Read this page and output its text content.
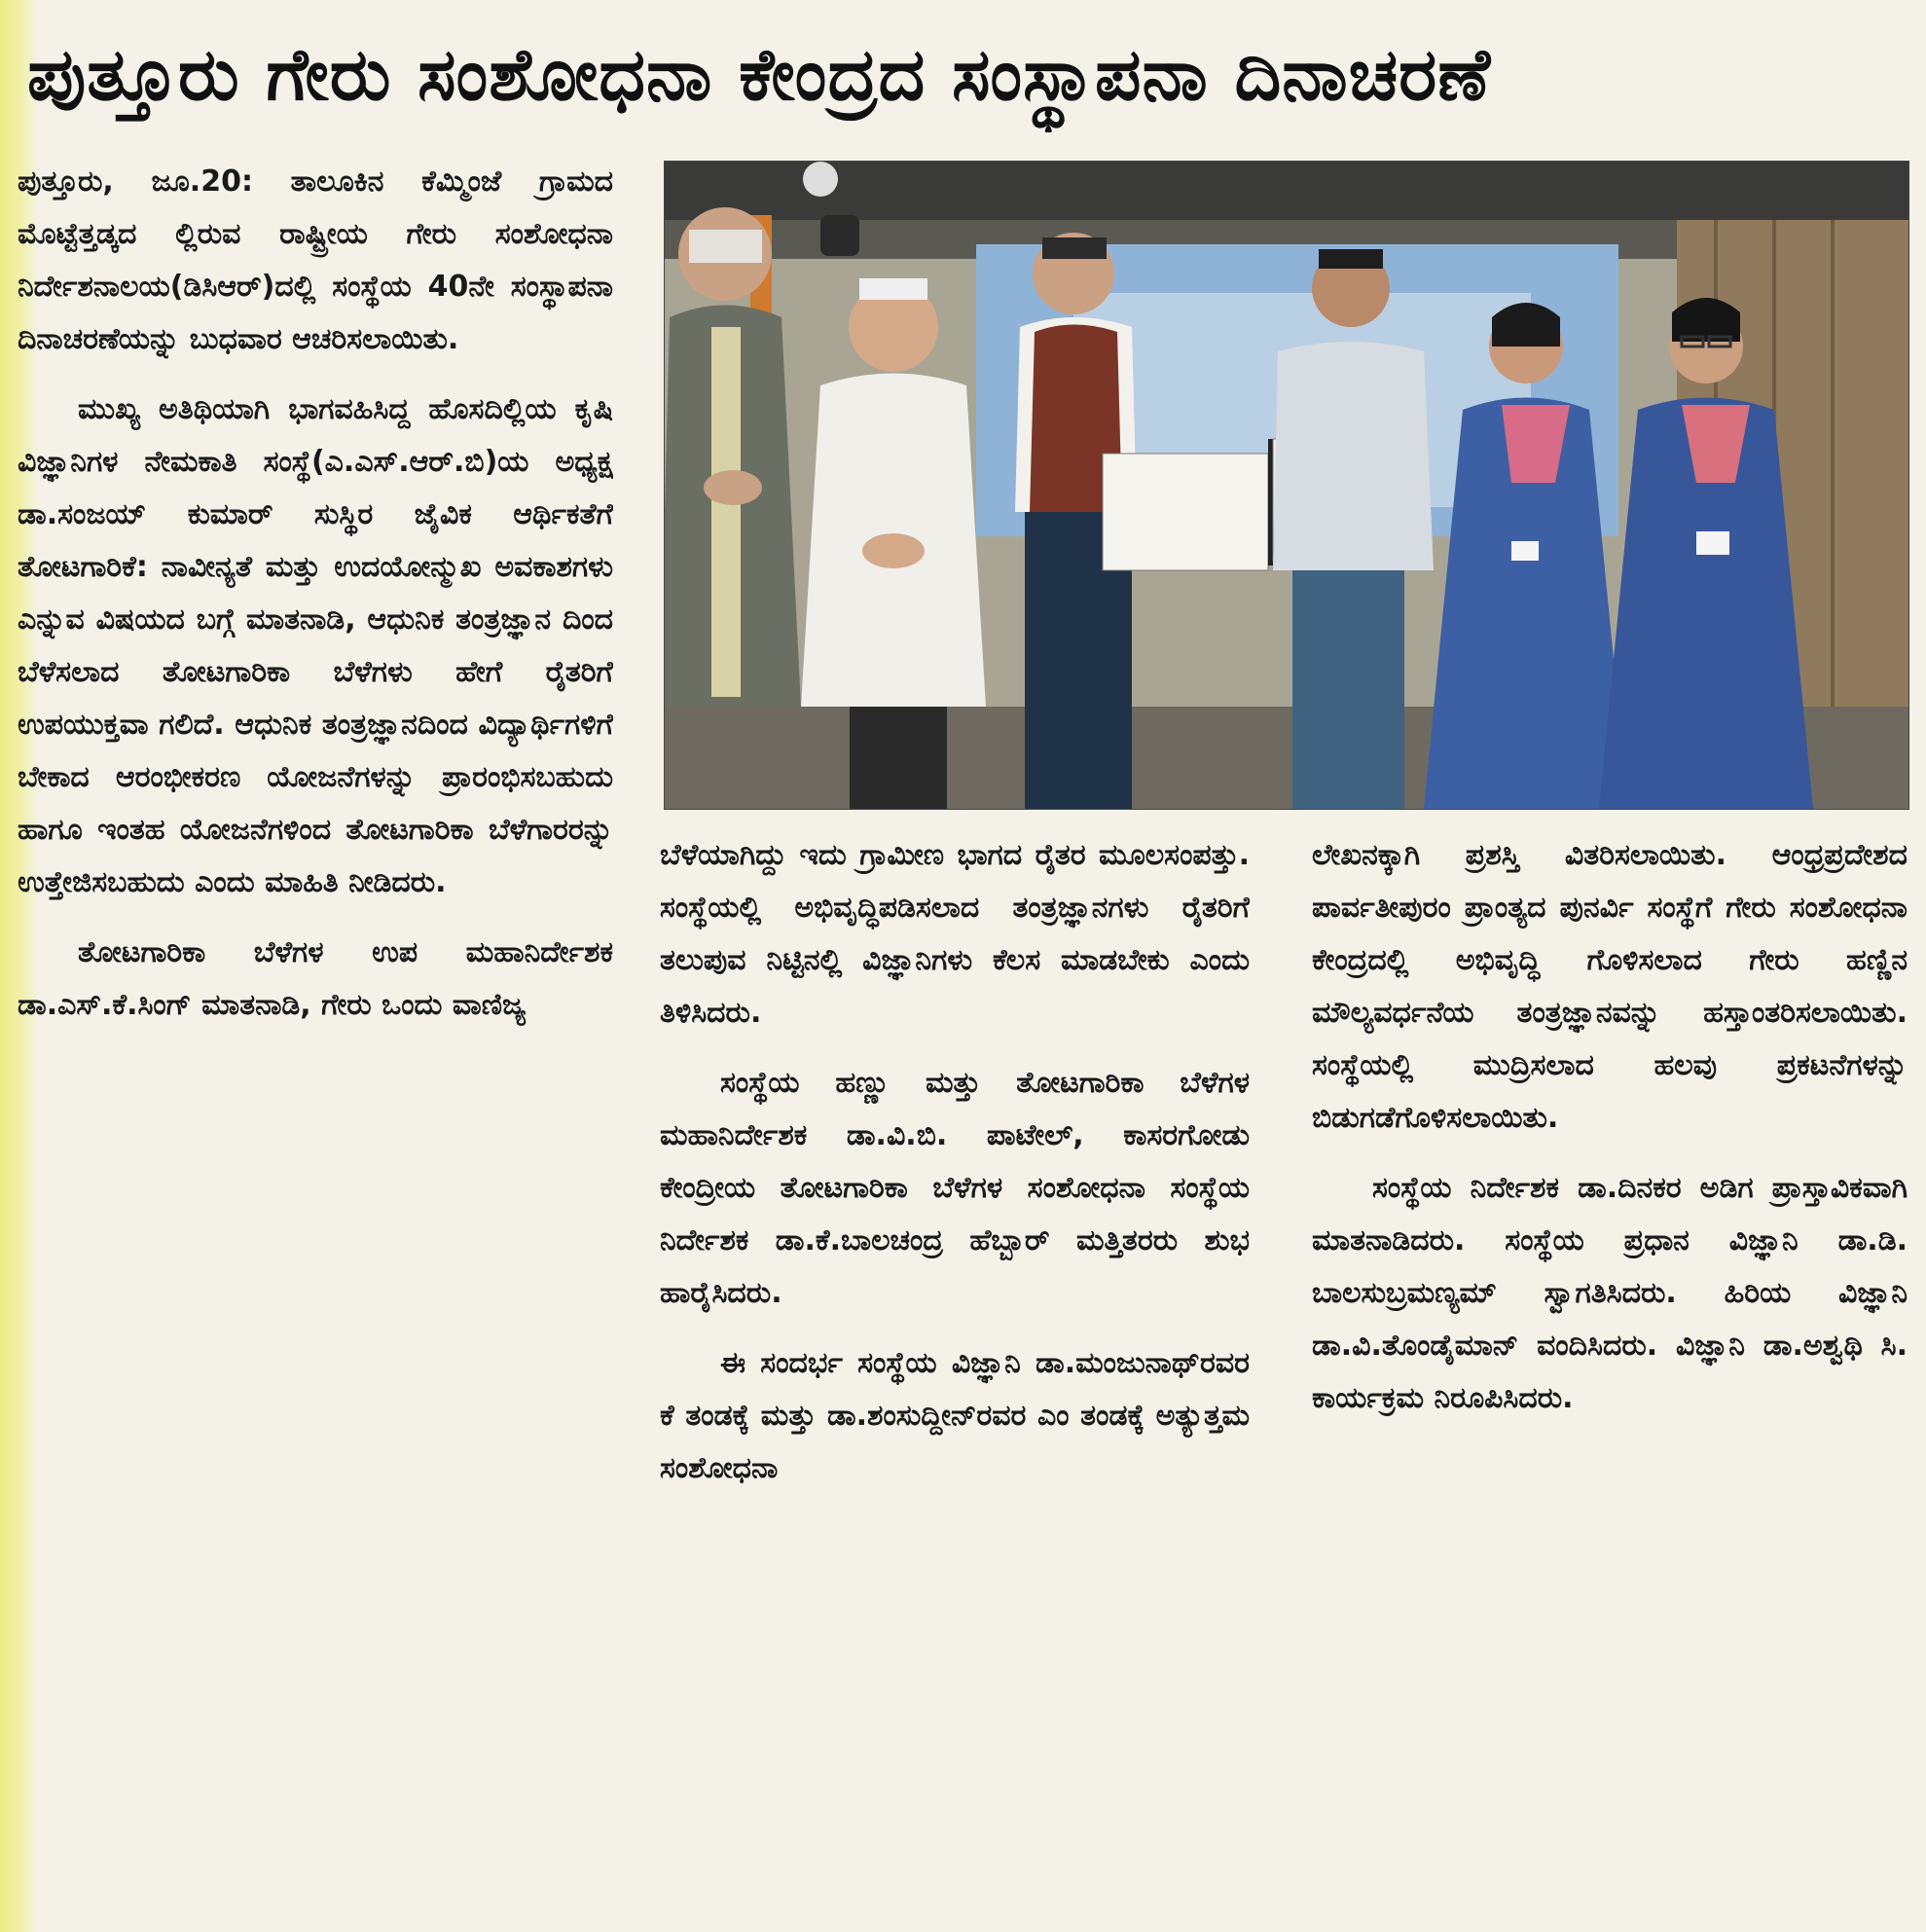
ಪುತ್ತೂರು ಗೇರು ಸಂಶೋಧನಾ ಕೇಂದ್ರದ ಸಂಸ್ಥಾಪನಾ ದಿನಾಚರಣೆ

ಪುತ್ತೂರು, ಜೂ.20: ತಾಲೂಕಿನ ಕೆಮ್ಮಿಂಜೆ ಗ್ರಾಮದ ಮೊಟ್ಟೆತ್ತಡ್ಕದ ಲ್ಲಿರುವ ರಾಷ್ಟ್ರೀಯ ಗೇರು ಸಂಶೋಧನಾ ನಿರ್ದೇಶನಾಲಯ(ಡಿಸಿಆರ್)ದಲ್ಲಿ ಸಂಸ್ಥೆಯ 40ನೇ ಸಂಸ್ಥಾಪನಾ ದಿನಾಚರಣೆಯನ್ನು ಬುಧವಾರ ಆಚರಿಸಲಾಯಿತು.

ಮುಖ್ಯ ಅತಿಥಿಯಾಗಿ ಭಾಗವಹಿಸಿದ್ದ ಹೊಸದಿಲ್ಲಿಯ ಕೃಷಿ ವಿಜ್ಞಾನಿಗಳ ನೇಮಕಾತಿ ಸಂಸ್ಥೆ(ಎ.ಎಸ್.ಆರ್.ಬಿ)ಯ ಅಧ್ಯಕ್ಷ ಡಾ.ಸಂಜಯ್ ಕುಮಾರ್ ಸುಸ್ಥಿರ ಜೈವಿಕ ಆರ್ಥಿಕತೆಗೆ ತೋಟಗಾರಿಕೆ: ನಾವೀನ್ಯತೆ ಮತ್ತು ಉದಯೋನ್ಮುಖ ಅವಕಾಶಗಳು ಎನ್ನುವ ವಿಷಯದ ಬಗ್ಗೆ ಮಾತನಾಡಿ, ಆಧುನಿಕ ತಂತ್ರಜ್ಞಾನ ದಿಂದ ಬೆಳೆಸಲಾದ ತೋಟಗಾರಿಕಾ ಬೆಳೆಗಳು ಹೇಗೆ ರೈತರಿಗೆ ಉಪಯುಕ್ತವಾ ಗಲಿದೆ. ಆಧುನಿಕ ತಂತ್ರಜ್ಞಾನದಿಂದ ವಿದ್ಯಾರ್ಥಿಗಳಿಗೆ ಬೇಕಾದ ಆರಂಭೀಕರಣ ಯೋಜನೆಗಳನ್ನು ಪ್ರಾರಂಭಿಸಬಹುದು ಹಾಗೂ ಇಂತಹ ಯೋಜನೆಗಳಿಂದ ತೋಟಗಾರಿಕಾ ಬೆಳೆಗಾರರನ್ನು ಉತ್ತೇಜಿಸಬಹುದು ಎಂದು ಮಾಹಿತಿ ನೀಡಿದರು.

ತೋಟಗಾರಿಕಾ ಬೆಳೆಗಳ ಉಪ ಮಹಾನಿರ್ದೇಶಕ ಡಾ.ಎಸ್.ಕೆ.ಸಿಂಗ್ ಮಾತನಾಡಿ, ಗೇರು ಒಂದು ವಾಣಿಜ್ಯ

ಬೆಳೆಯಾಗಿದ್ದು ಇದು ಗ್ರಾಮೀಣ ಭಾಗದ ರೈತರ ಮೂಲಸಂಪತ್ತು. ಸಂಸ್ಥೆಯಲ್ಲಿ ಅಭಿವೃದ್ಧಿಪಡಿಸಲಾದ ತಂತ್ರಜ್ಞಾನಗಳು ರೈತರಿಗೆ ತಲುಪುವ ನಿಟ್ಟಿನಲ್ಲಿ ವಿಜ್ಞಾನಿಗಳು ಕೆಲಸ ಮಾಡಬೇಕು ಎಂದು ತಿಳಿಸಿದರು.

ಸಂಸ್ಥೆಯ ಹಣ್ಣು ಮತ್ತು ತೋಟಗಾರಿಕಾ ಬೆಳೆಗಳ ಮಹಾನಿರ್ದೇಶಕ ಡಾ.ವಿ.ಬಿ. ಪಾಟೇಲ್, ಕಾಸರಗೋಡು ಕೇಂದ್ರೀಯ ತೋಟಗಾರಿಕಾ ಬೆಳೆಗಳ ಸಂಶೋಧನಾ ಸಂಸ್ಥೆಯ ನಿರ್ದೇಶಕ ಡಾ.ಕೆ.ಬಾಲಚಂದ್ರ ಹೆಬ್ಬಾರ್ ಮತ್ತಿತರರು ಶುಭ ಹಾರೈಸಿದರು.

ಈ ಸಂದರ್ಭ ಸಂಸ್ಥೆಯ ವಿಜ್ಞಾನಿ ಡಾ.ಮಂಜುನಾಥ್‌ರವರ ಕೆ ತಂಡಕ್ಕೆ ಮತ್ತು ಡಾ.ಶಂಸುದ್ದೀನ್‌ರವರ ಎಂ ತಂಡಕ್ಕೆ ಅತ್ಯುತ್ತಮ ಸಂಶೋಧನಾ

ಲೇಖನಕ್ಕಾಗಿ ಪ್ರಶಸ್ತಿ ವಿತರಿಸಲಾಯಿತು. ಆಂಧ್ರಪ್ರದೇಶದ ಪಾರ್ವತೀಪುರಂ ಪ್ರಾಂತ್ಯದ ಪುನರ್ವಿ ಸಂಸ್ಥೆಗೆ ಗೇರು ಸಂಶೋಧನಾ ಕೇಂದ್ರದಲ್ಲಿ ಅಭಿವೃದ್ಧಿ ಗೊಳಿಸಲಾದ ಗೇರು ಹಣ್ಣಿನ ಮೌಲ್ಯವರ್ಧನೆಯ ತಂತ್ರಜ್ಞಾನವನ್ನು ಹಸ್ತಾಂತರಿಸಲಾಯಿತು. ಸಂಸ್ಥೆಯಲ್ಲಿ ಮುದ್ರಿಸಲಾದ ಹಲವು ಪ್ರಕಟನೆಗಳನ್ನು ಬಿಡುಗಡೆಗೊಳಿಸಲಾಯಿತು.

ಸಂಸ್ಥೆಯ ನಿರ್ದೇಶಕ ಡಾ.ದಿನಕರ ಅಡಿಗ ಪ್ರಾಸ್ತಾವಿಕವಾಗಿ ಮಾತನಾಡಿದರು. ಸಂಸ್ಥೆಯ ಪ್ರಧಾನ ವಿಜ್ಞಾನಿ ಡಾ.ಡಿ. ಬಾಲಸುಬ್ರಮಣ್ಯಮ್ ಸ್ವಾಗತಿಸಿದರು. ಹಿರಿಯ ವಿಜ್ಞಾನಿ ಡಾ.ವಿ.ತೊಂಡೈಮಾನ್ ವಂದಿಸಿದರು. ವಿಜ್ಞಾನಿ ಡಾ.ಅಶ್ವಥಿ ಸಿ. ಕಾರ್ಯಕ್ರಮ ನಿರೂಪಿಸಿದರು.
